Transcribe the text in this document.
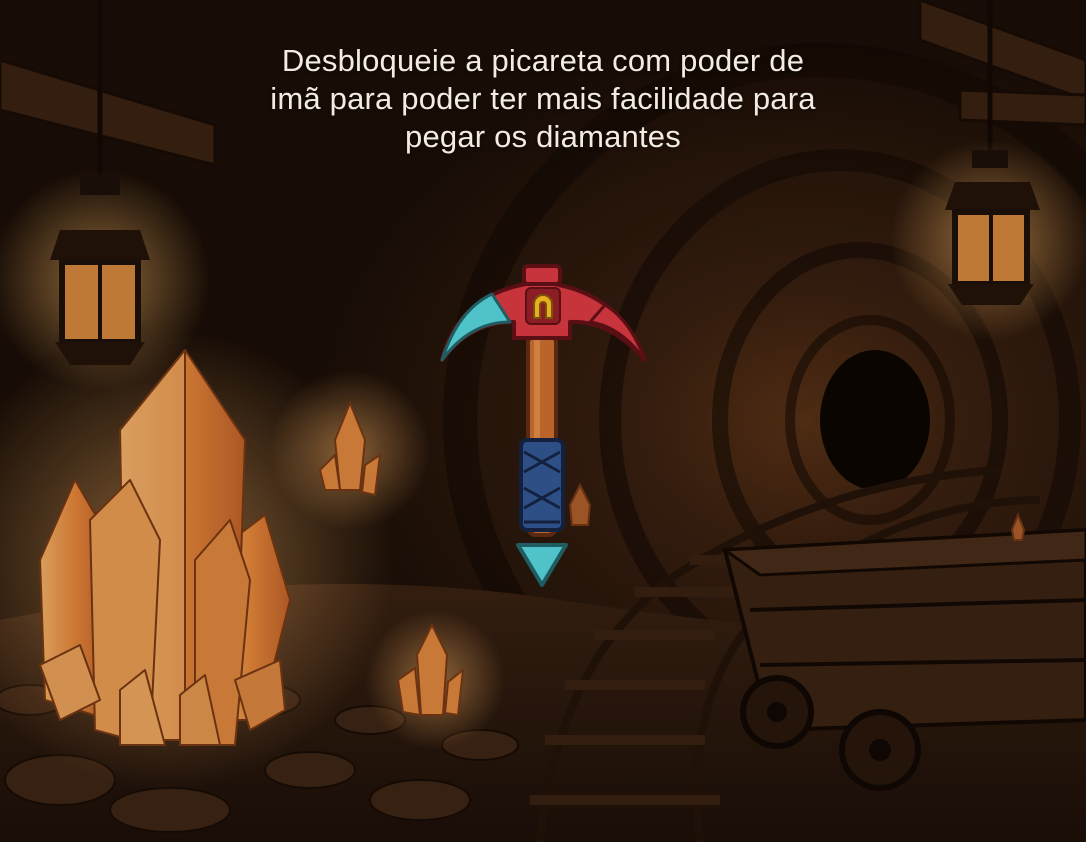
Desbloqueie a picareta com poder de
imã para poder ter mais facilidade para
pegar os diamantes
